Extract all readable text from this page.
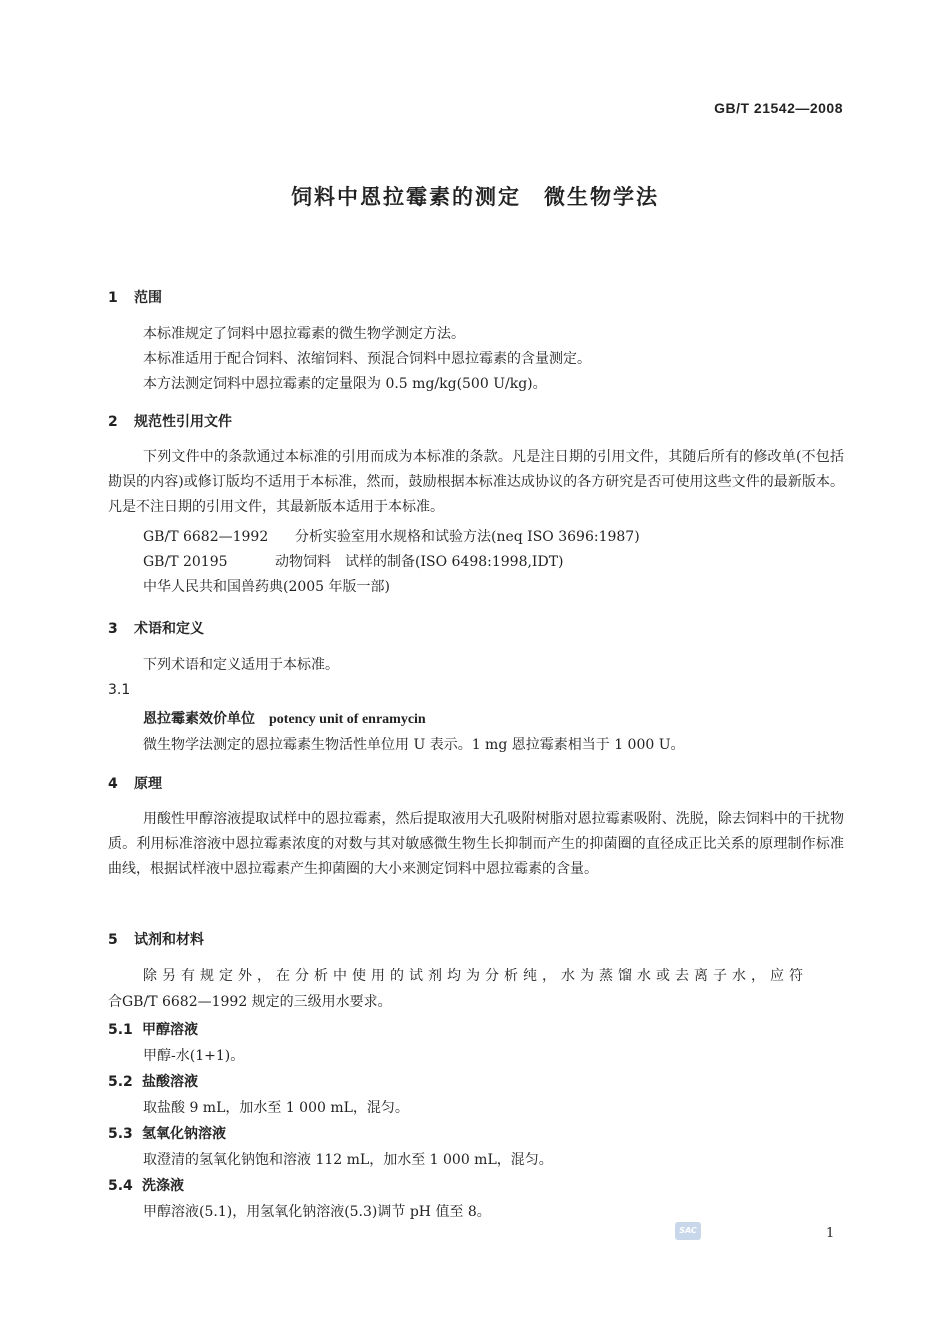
GB/T 21542—2008
饲料中恩拉霉素的测定　微生物学法
1 范围
本标准规定了饲料中恩拉霉素的微生物学测定方法。
本标准适用于配合饲料、浓缩饲料、预混合饲料中恩拉霉素的含量测定。
本方法测定饲料中恩拉霉素的定量限为 0.5 mg/kg(500 U/kg)。
2 规范性引用文件

下列文件中的条款通过本标准的引用而成为本标准的条款。凡是注日期的引用文件，其随后所有的修改单(不包括勘误的内容)或修订版均不适用于本标准，然而，鼓励根据本标准达成协议的各方研究是否可使用这些文件的最新版本。凡是不注日期的引用文件，其最新版本适用于本标准。

GB/T 6682—1992 分析实验室用水规格和试验方法(neq ISO 3696:1987)
GB/T 20195	动物饲料　试样的制备(ISO 6498:1998,IDT)
中华人民共和国兽药典(2005 年版一部)
3 术语和定义
下列术语和定义适用于本标准。
3.1
恩拉霉素效价单位 potency unit of enramycin
微生物学法测定的恩拉霉素生物活性单位用 U 表示。1 mg 恩拉霉素相当于 1 000 U。
4 原理

用酸性甲醇溶液提取试样中的恩拉霉素，然后提取液用大孔吸附树脂对恩拉霉素吸附、洗脱，除去饲料中的干扰物质。利用标准溶液中恩拉霉素浓度的对数与其对敏感微生物生长抑制而产生的抑菌圈的直径成正比关系的原理制作标准曲线，根据试样液中恩拉霉素产生抑菌圈的大小来测定饲料中恩拉霉素的含量。

5 试剂和材料
除另有规定外，在分析中使用的试剂均为分析纯，水为蒸馏水或去离子水，应符
合GB/T 6682—1992 规定的三级用水要求。
5.1 甲醇溶液
甲醇-水(1+1)。
5.2 盐酸溶液
取盐酸 9 mL，加水至 1 000 mL，混匀。
5.3 氢氧化钠溶液
取澄清的氢氧化钠饱和溶液 112 mL，加水至 1 000 mL，混匀。
5.4 洗涤液
甲醇溶液(5.1)，用氢氧化钠溶液(5.3)调节 pH 值至 8。
SAC	1
